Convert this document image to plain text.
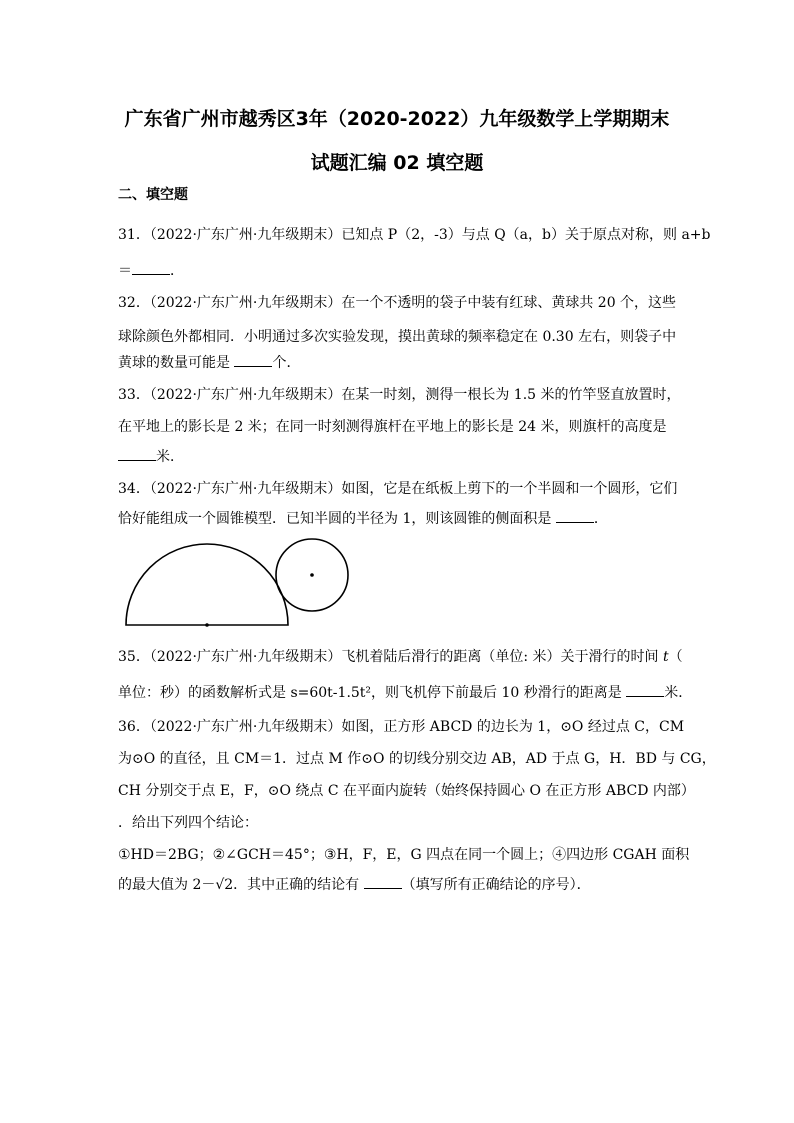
广东省广州市越秀区3年（2020-2022）九年级数学上学期期末
试题汇编 02 填空题
二、填空题
31．（2022·广东广州·九年级期末）已知点 P（2，-3）与点 Q（a，b）关于原点对称，则 a+b
＝	．
32．（2022·广东广州·九年级期末）在一个不透明的袋子中装有红球、黄球共 20 个，这些
球除颜色外都相同．小明通过多次实验发现，摸出黄球的频率稳定在 0.30 左右，则袋子中
黄球的数量可能是	个．
33．（2022·广东广州·九年级期末）在某一时刻，测得一根长为 1.5 米的竹竿竖直放置时，
在平地上的影长是 2 米；在同一时刻测得旗杆在平地上的影长是 24 米，则旗杆的高度是
米．
34．（2022·广东广州·九年级期末）如图，它是在纸板上剪下的一个半圆和一个圆形，它们
恰好能组成一个圆锥模型．已知半圆的半径为 1，则该圆锥的侧面积是	．
35．（2022·广东广州·九年级期末）飞机着陆后滑行的距离（单位: 米）关于滑行的时间 t（
单位：秒）的函数解析式是 s=60t-1.5t²，则飞机停下前最后 10 秒滑行的距离是	米．
36．（2022·广东广州·九年级期末）如图，正方形 ABCD 的边长为 1，⊙O 经过点 C，CM
为⊙O 的直径，且 CM＝1．过点 M 作⊙O 的切线分别交边 AB，AD 于点 G，H．BD 与 CG，
CH 分别交于点 E，F，⊙O 绕点 C 在平面内旋转（始终保持圆心 O 在正方形 ABCD 内部）
．给出下列四个结论：
①HD＝2BG；②∠GCH＝45°；③H，F，E，G 四点在同一个圆上；④四边形 CGAH 面积
的最大值为 2－√2．其中正确的结论有	（填写所有正确结论的序号）．
